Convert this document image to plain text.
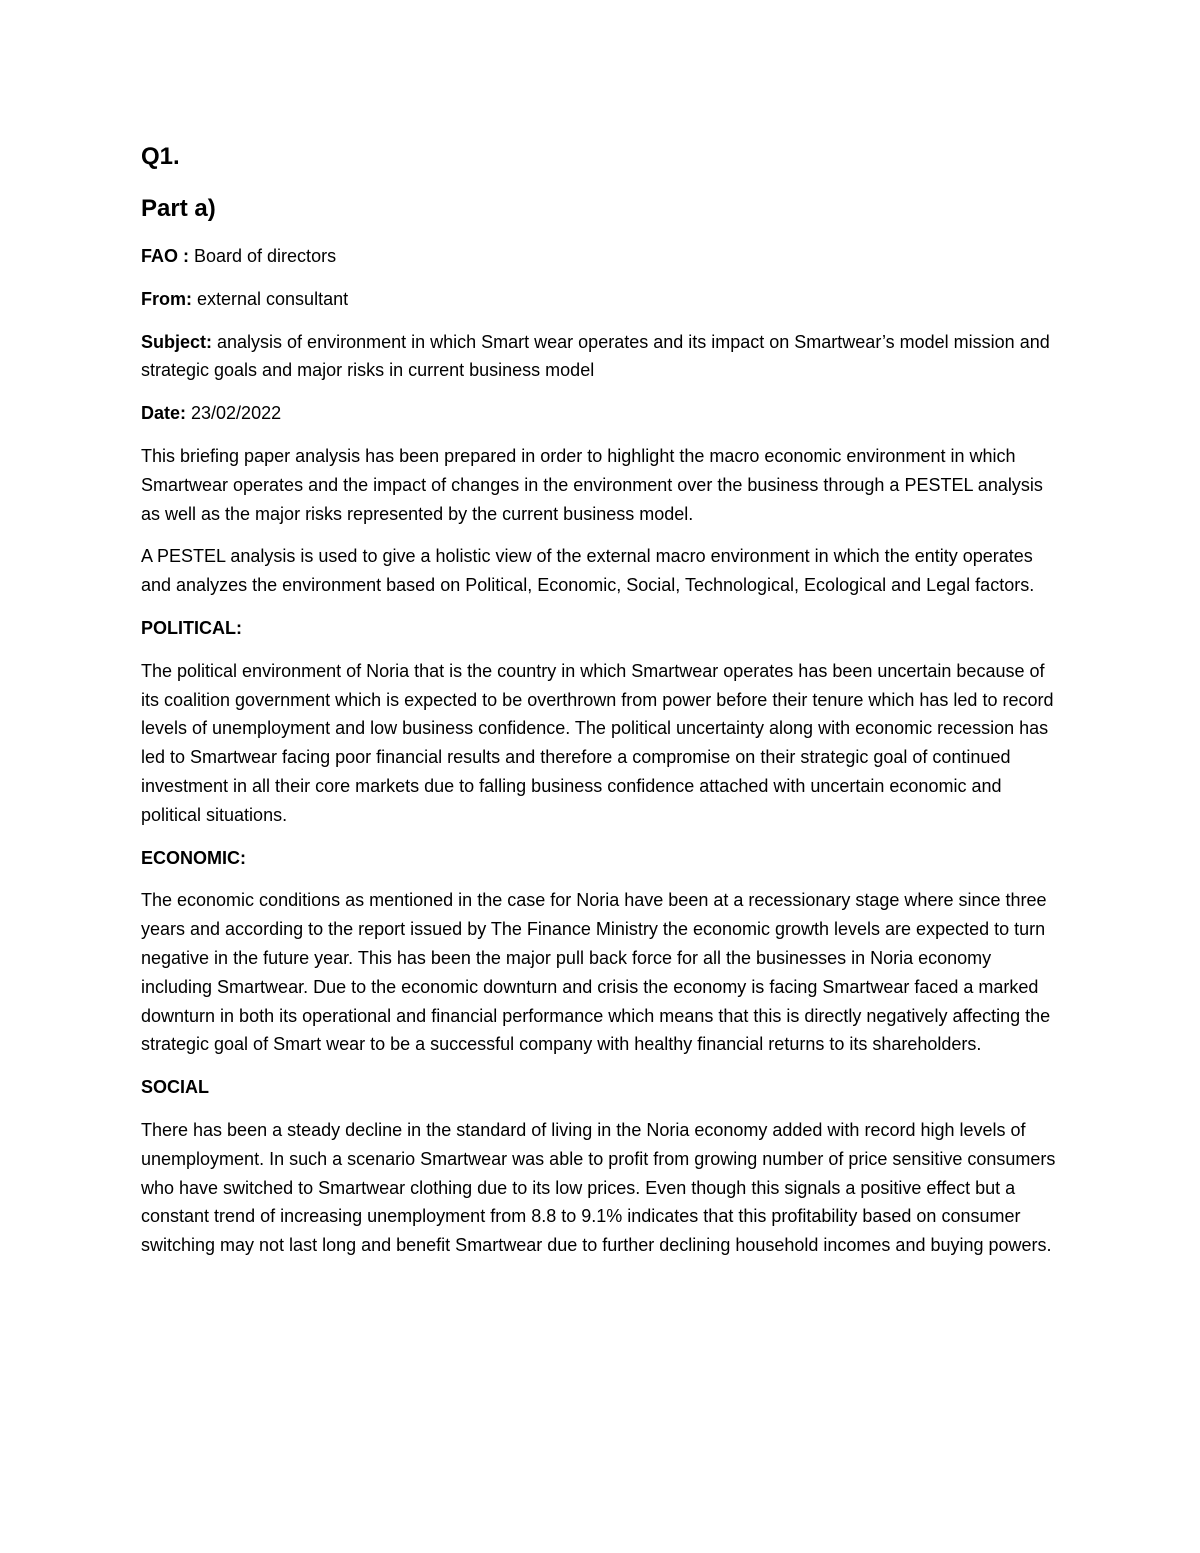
Q1.
Part a)

FAO : Board of directors

From: external consultant

Subject: analysis of environment in which Smart wear operates and its impact on Smartwear’s model mission and strategic goals and major risks in current business model

Date: 23/02/2022

This briefing paper analysis has been prepared in order to highlight the macro economic environment in which Smartwear operates and the impact of changes in the environment over the business through a PESTEL analysis as well as the major risks represented by the current business model.

A PESTEL analysis is used to give a holistic view of the external macro environment in which the entity operates and analyzes the environment based on Political, Economic, Social, Technological, Ecological and Legal factors.

POLITICAL:

The political environment of Noria that is the country in which Smartwear operates has been uncertain because of its coalition government which is expected to be overthrown from power before their tenure which has led to record levels of unemployment and low business confidence. The political uncertainty along with economic recession has led to Smartwear facing poor financial results and therefore a compromise on their strategic goal of continued investment in all their core markets due to falling business confidence attached with uncertain economic and political situations.

ECONOMIC:

The economic conditions as mentioned in the case for Noria have been at a recessionary stage where since three years and according to the report issued by The Finance Ministry the economic growth levels are expected to turn negative in the future year. This has been the major pull back force for all the businesses in Noria economy including Smartwear. Due to the economic downturn and crisis the economy is facing Smartwear faced a marked downturn in both its operational and financial performance which means that this is directly negatively affecting the strategic goal of Smart wear to be a successful company with healthy financial returns to its shareholders.

SOCIAL

There has been a steady decline in the standard of living in the Noria economy added with record high levels of unemployment. In such a scenario Smartwear was able to profit from growing number of price sensitive consumers who have switched to Smartwear clothing due to its low prices. Even though this signals a positive effect but a constant trend of increasing unemployment from 8.8 to 9.1% indicates that this profitability based on consumer switching may not last long and benefit Smartwear due to further declining household incomes and buying powers.
